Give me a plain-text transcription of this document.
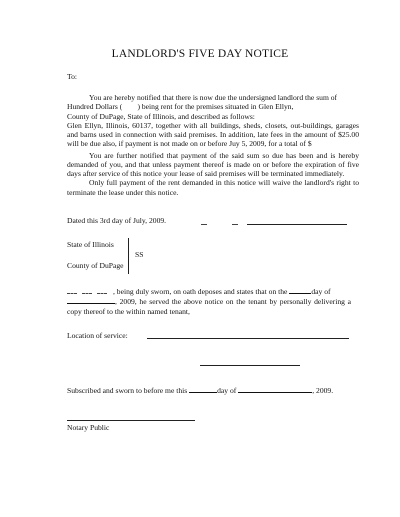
LANDLORD'S FIVE DAY NOTICE
To:

You are hereby notified that there is now due the undersigned landlord the sum of
Hundred Dollars ( ) being rent for the premises situated in Glen Ellyn,

County of DuPage, State of Illinois, and described as follows:
Glen Ellyn, Illinois, 60137, together with all buildings, sheds, closets, out-buildings, garages and barns used in connection with said premises. In addition, late fees in the amount of $25.00 will be due also, if payment is not made on or before Juy 5, 2009, for a total of $

You are further notified that payment of the said sum so due has been and is hereby demanded of you, and that unless payment thereof is made on or before the expiration of five days after service of this notice your lease of said premises will be terminated immediately.

Only full payment of the rent demanded in this notice will waive the landlord's right to terminate the lease under this notice.

Dated this 3rd day of July, 2009.
State of Illinois
SS
County of DuPage
, being duly sworn, on oath deposes and states that on the	day of
, 2009, he served the above notice on the tenant by personally delivering a copy thereof to the within named tenant,
Location of service:
Subscribed and sworn to before me this	day of	, 2009.
Notary Public
